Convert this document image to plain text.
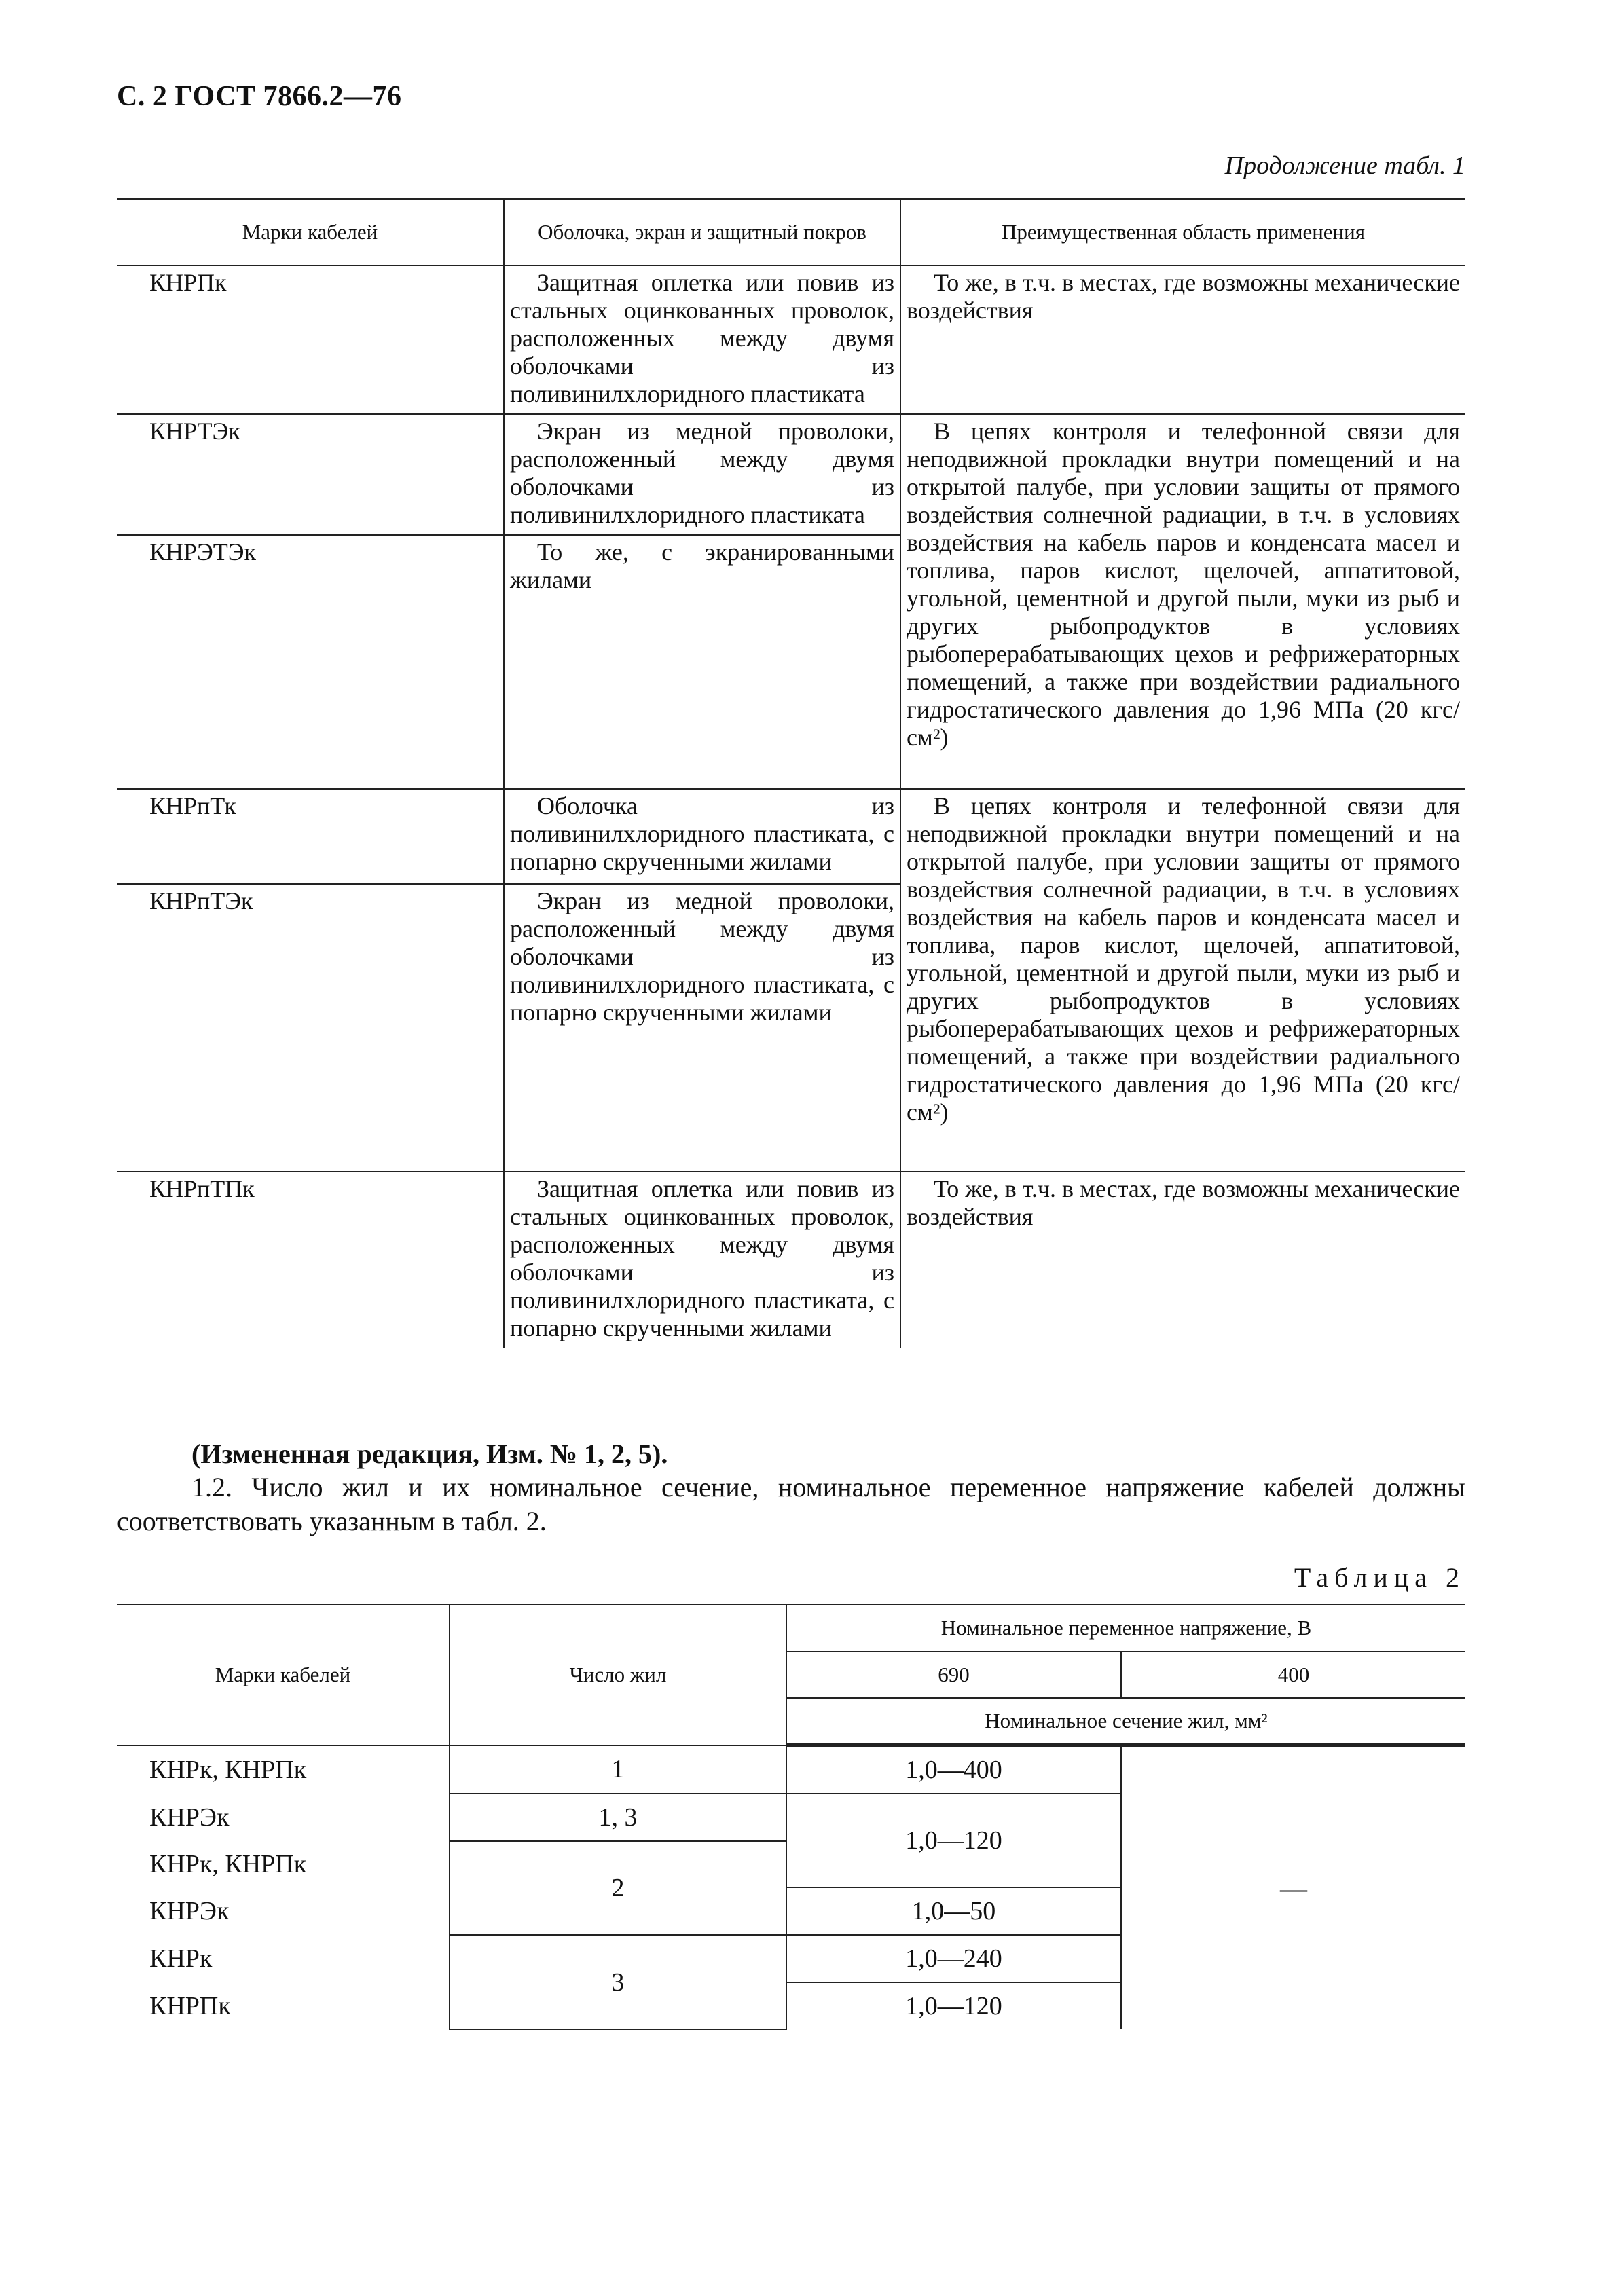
С. 2 ГОСТ 7866.2—76
Продолжение табл. 1
Марки кабелей	Оболочка, экран и защитный покров	Преимущественная область применения
КНРПк	Защитная оплетка или повив из стальных оцинкованных проволок, расположенных между двумя оболочками из поливинилхлоридного пластиката	То же, в т.ч. в местах, где возможны механические воздействия
КНРТЭк	Экран из медной проволоки, расположенный между двумя оболочками из поливинилхлоридного пластиката	В цепях контроля и телефонной связи для неподвижной прокладки внутри помещений и на открытой палубе, при условии защиты от прямого воздействия солнечной радиации, в т.ч. в условиях воздействия на кабель паров и конденсата масел и топлива, паров кислот, щелочей, аппатитовой, угольной, цементной и другой пыли, муки из рыб и других рыбопродуктов в условиях рыбоперерабатывающих цехов и рефрижераторных помещений, а также при воздействии радиального гидростатического давления до 1,96 МПа (20 кгс/см²)
КНРЭТЭк	То же, с экранированными жилами	
КНРпТк	Оболочка из поливинилхлоридного пластиката, с попарно скрученными жилами	В цепях контроля и телефонной связи для неподвижной прокладки внутри помещений и на открытой палубе, при условии защиты от прямого воздействия солнечной радиации, в т.ч. в условиях воздействия на кабель паров и конденсата масел и топлива, паров кислот, щелочей, аппатитовой, угольной, цементной и другой пыли, муки из рыб и других рыбопродуктов в условиях рыбоперерабатывающих цехов и рефрижераторных помещений, а также при воздействии радиального гидростатического давления до 1,96 МПа (20 кгс/см²)
КНРпТЭк	Экран из медной проволоки, расположенный между двумя оболочками из поливинилхлоридного пластиката, с попарно скрученными жилами	
КНРпТПк	Защитная оплетка или повив из стальных оцинкованных проволок, расположенных между двумя оболочками из поливинилхлоридного пластиката, с попарно скрученными жилами	То же, в т.ч. в местах, где возможны механические воздействия
(Измененная редакция, Изм. № 1, 2, 5).
1.2. Число жил и их номинальное сечение, номинальное переменное напряжение кабелей должны соответствовать указанным в табл. 2.
Таблица 2
Марки кабелей	Число жил	Номинальное переменное напряжение, В	
		690	400
		Номинальное сечение жил, мм²	
КНРк, КНРПк	1	1,0—400	—
КНРЭк	1, 3	1,0—120	
КНРк, КНРПк	2		
КНРЭк		1,0—50	
КНРк	3	1,0—240	
КНРПк		1,0—120	
